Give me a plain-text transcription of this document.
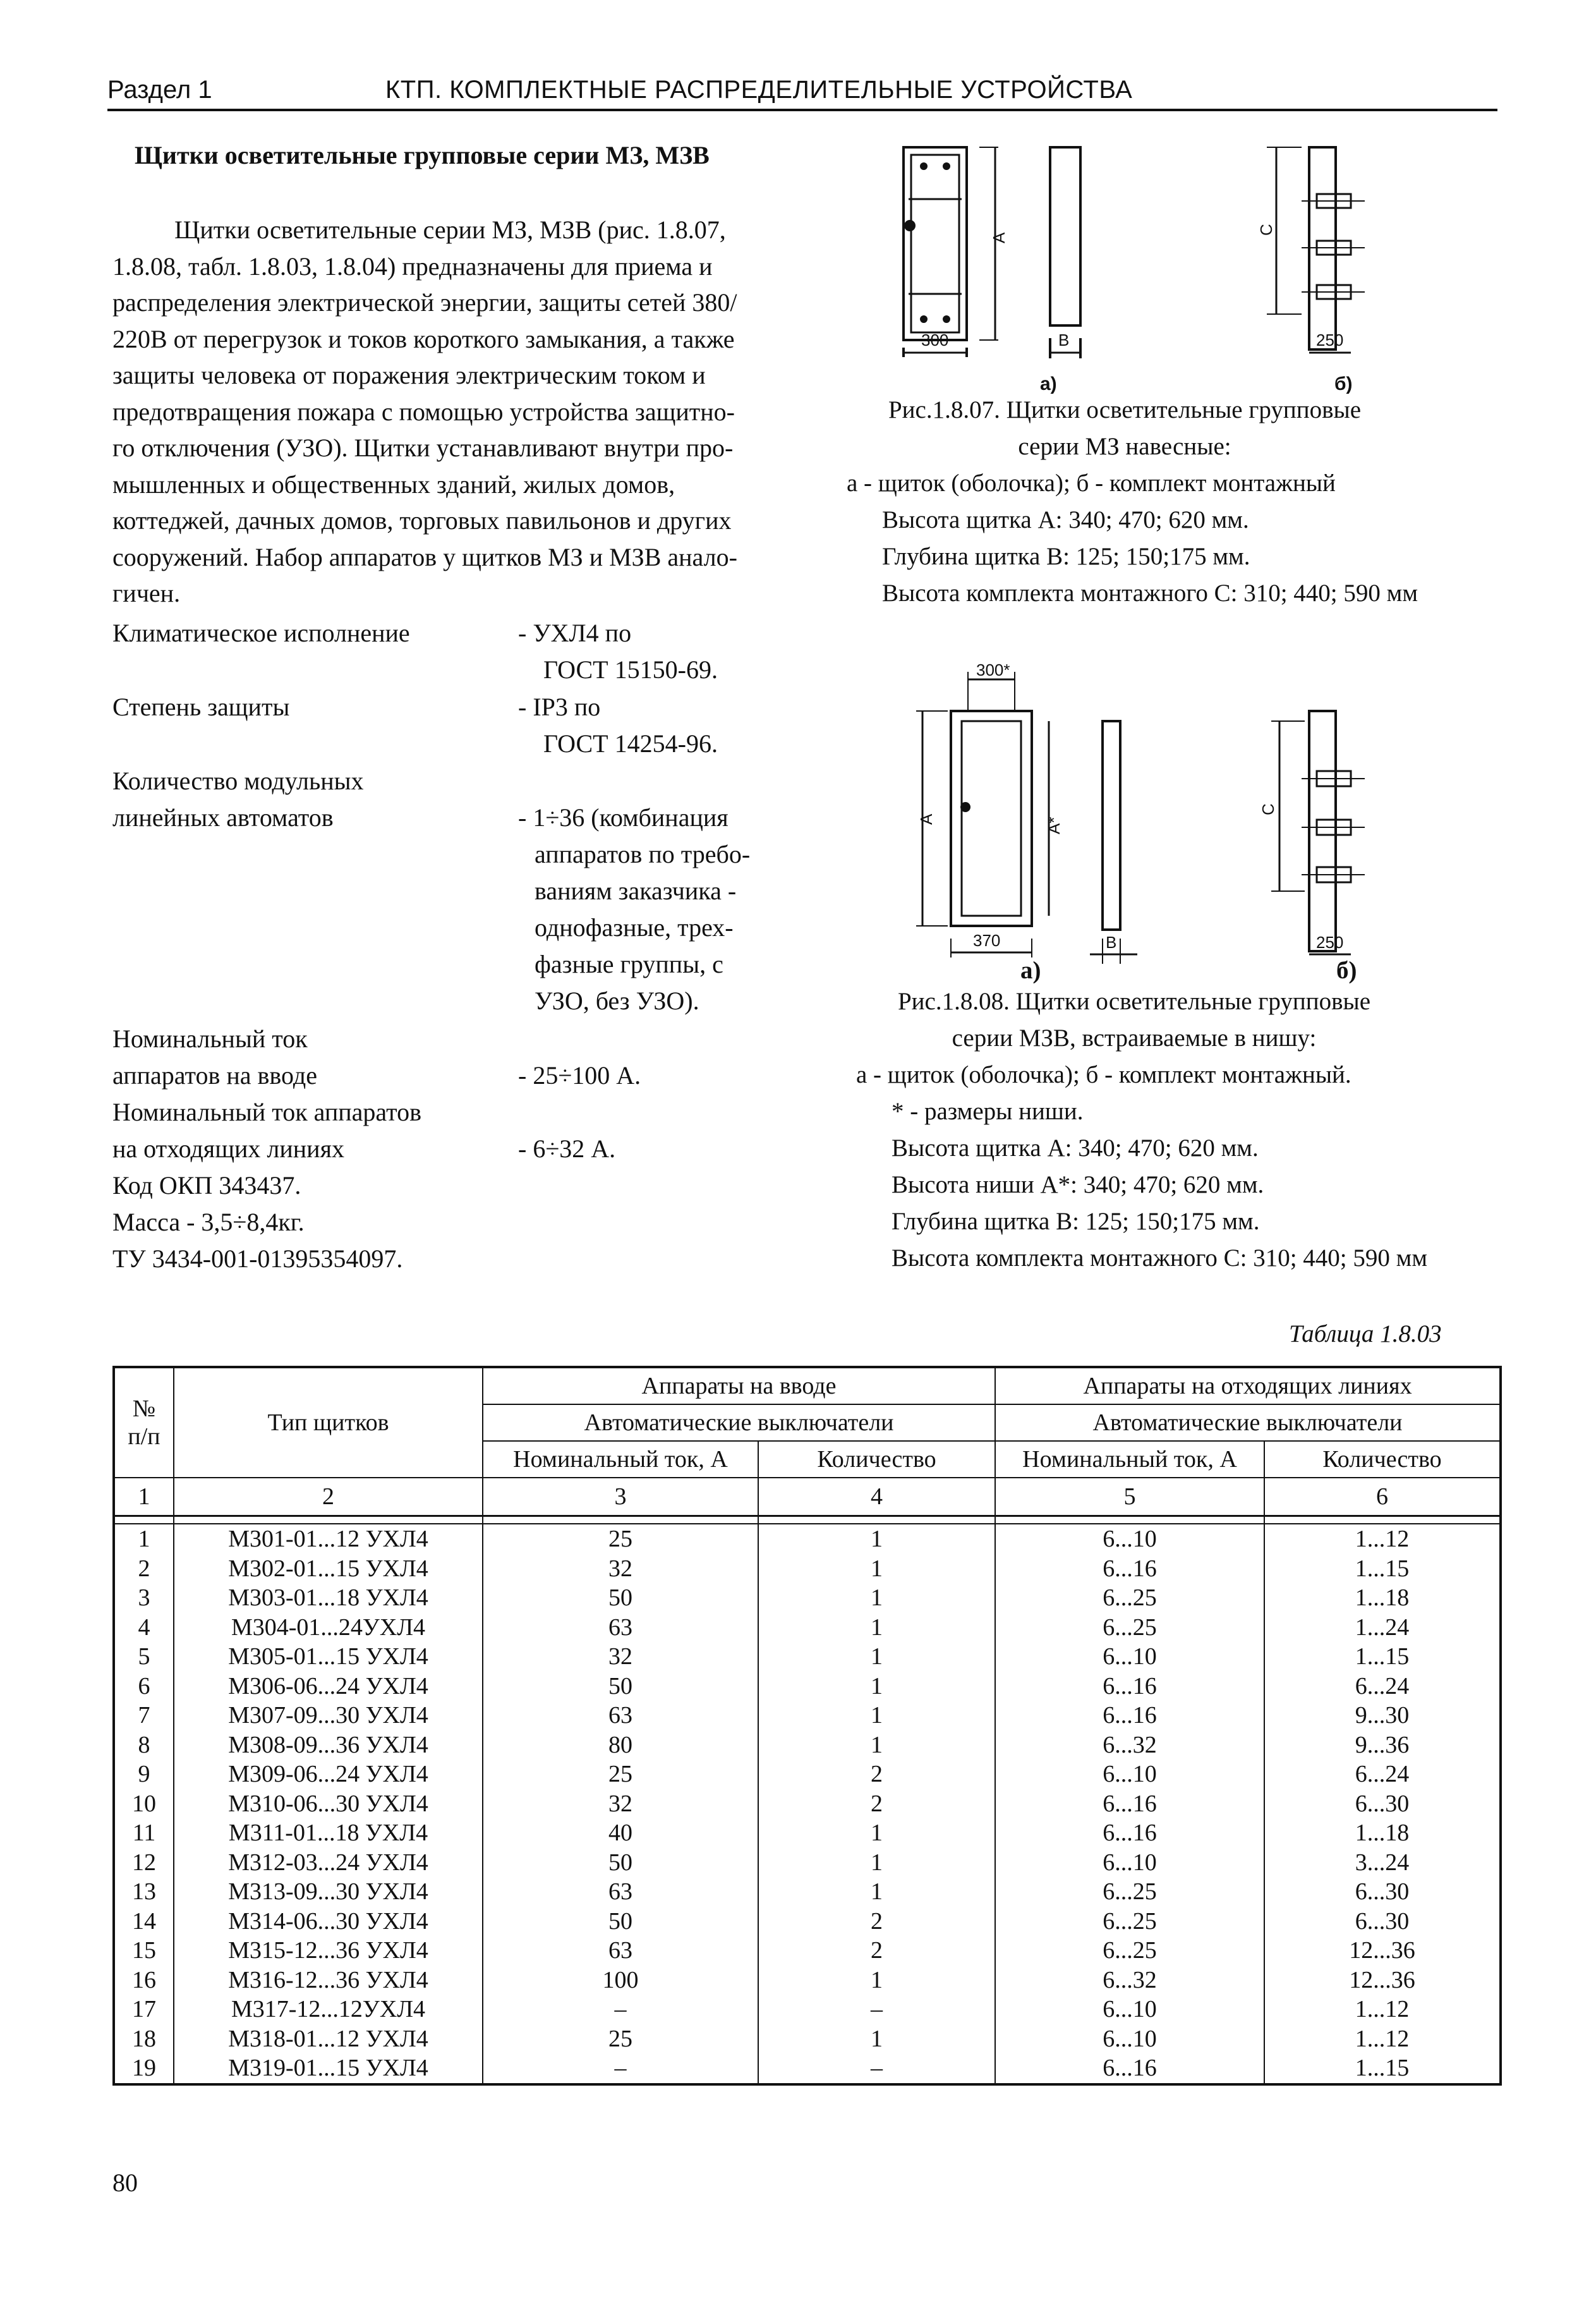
Раздел 1	КТП. КОМПЛЕКТНЫЕ РАСПРЕДЕЛИТЕЛЬНЫЕ УСТРОЙСТВА
Щитки осветительные групповые серии МЗ, МЗВ
Щитки осветительные серии МЗ, МЗВ (рис. 1.8.07,
1.8.08, табл. 1.8.03, 1.8.04) предназначены для приема и
распределения электрической энергии, защиты сетей 380/
220В от перегрузок и токов короткого замыкания, а также
защиты человека от поражения электрическим током и
предотвращения пожара с помощью устройства защитно-
го отключения (УЗО). Щитки устанавливают внутри про-
мышленных и общественных зданий, жилых домов,
коттеджей, дачных домов, торговых павильонов и других
сооружений. Набор аппаратов у щитков МЗ и МЗВ анало-
гичен.
Климатическое исполнение	- УХЛ4 по
ГОСТ 15150-69.
Степень защиты	- IP3 по
ГОСТ 14254-96.
Количество модульных
линейных автоматов	- 1÷36 (комбинация
аппаратов по требо-
ваниям заказчика -
однофазные, трех-
фазные группы, с
УЗО, без УЗО).
Номинальный ток
аппаратов на вводе	- 25÷100 А.
Номинальный ток аппаратов
на отходящих линиях	- 6÷32 А.
Код ОКП 343437.
Масса - 3,5÷8,4кг.
ТУ 3434-001-01395354097.
300
A
B
C
250
а)	б)
Рис.1.8.07. Щитки осветительные групповые
серии МЗ навесные:
а - щиток (оболочка); б - комплект монтажный
Высота щитка А: 340; 470; 620 мм.
Глубина щитка В: 125; 150;175 мм.
Высота комплекта монтажного С: 310; 440; 590 мм
300*
A	A*
370	B
C
250
а)	б)
Рис.1.8.08. Щитки осветительные групповые
серии МЗВ, встраиваемые в нишу:
а - щиток (оболочка); б - комплект монтажный.
* - размеры ниши.
Высота щитка А: 340; 470; 620 мм.
Высота ниши А*: 340; 470; 620 мм.
Глубина щитка В: 125; 150;175 мм.
Высота комплекта монтажного С: 310; 440; 590 мм
Таблица 1.8.03
№
п/п	Тип щитков	Аппараты на вводе		Аппараты на отходящих линиях	
		Автоматические выключатели		Автоматические выключатели	
		Номинальный ток, А	Количество	Номинальный ток, А	Количество
1	2	3	4	5	6

1	М301-01...12 УХЛ4	25	1	6...10	1...12
2	М302-01...15 УХЛ4	32	1	6...16	1...15
3	М303-01...18 УХЛ4	50	1	6...25	1...18
4	М304-01...24УХЛ4	63	1	6...25	1...24
5	М305-01...15 УХЛ4	32	1	6...10	1...15
6	М306-06...24 УХЛ4	50	1	6...16	6...24
7	М307-09...30 УХЛ4	63	1	6...16	9...30
8	М308-09...36 УХЛ4	80	1	6...32	9...36
9	М309-06...24 УХЛ4	25	2	6...10	6...24
10	М310-06...30 УХЛ4	32	2	6...16	6...30
11	М311-01...18 УХЛ4	40	1	6...16	1...18
12	М312-03...24 УХЛ4	50	1	6...10	3...24
13	М313-09...30 УХЛ4	63	1	6...25	6...30
14	М314-06...30 УХЛ4	50	2	6...25	6...30
15	М315-12...36 УХЛ4	63	2	6...25	12...36
16	М316-12...36 УХЛ4	100	1	6...32	12...36
17	М317-12...12УХЛ4	–	–	6...10	1...12
18	М318-01...12 УХЛ4	25	1	6...10	1...12
19	М319-01...15 УХЛ4	–	–	6...16	1...15
80
